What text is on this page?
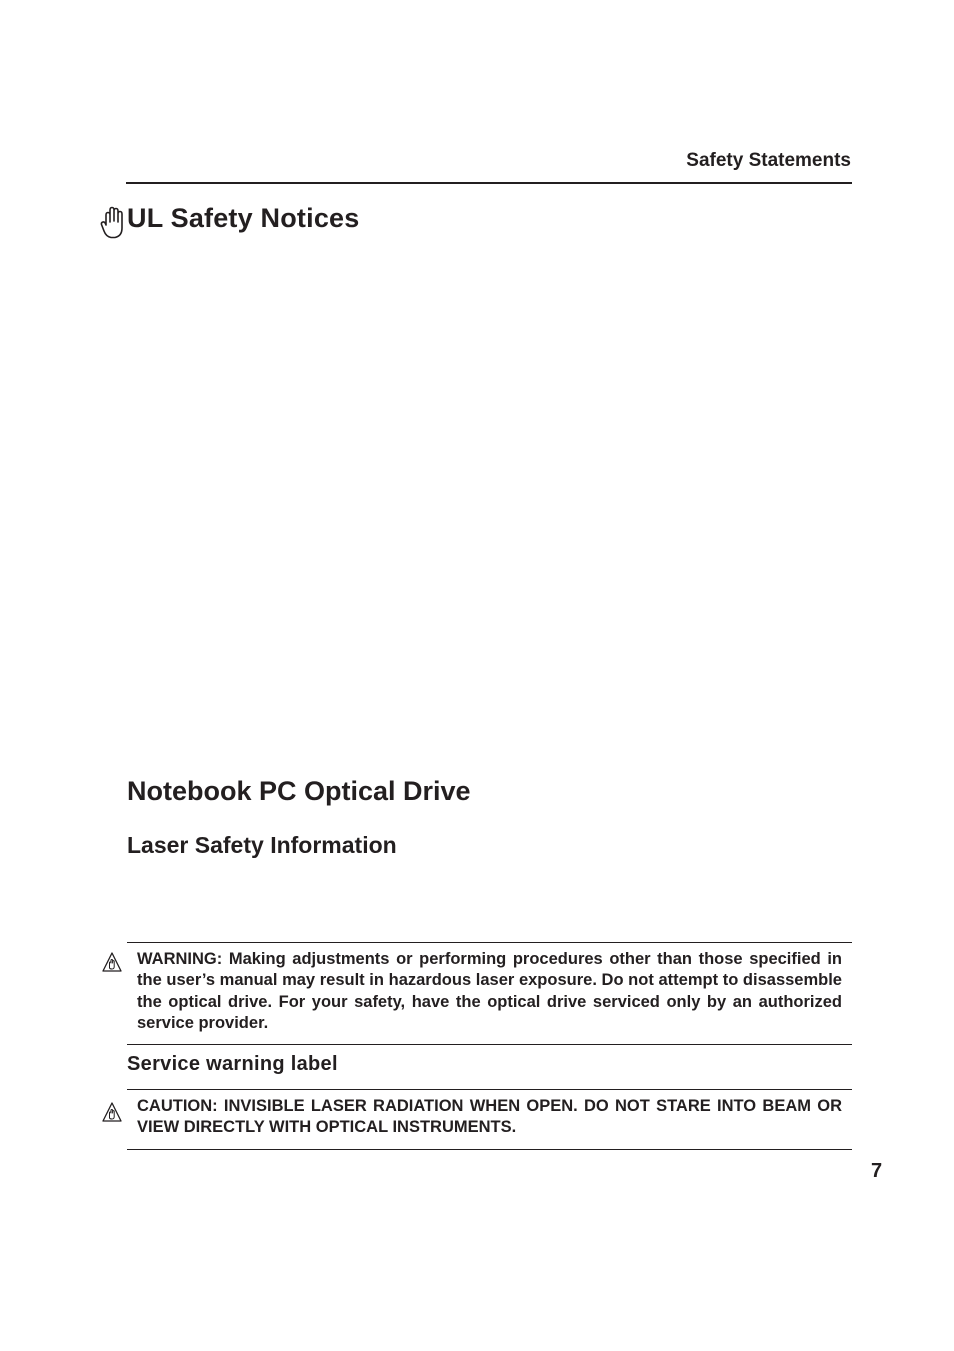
Safety Statements
UL Safety Notices
Notebook PC Optical Drive
Laser Safety Information
WARNING: Making adjustments or performing procedures other than those specified in the user’s manual may result in hazardous laser exposure. Do not attempt to disassemble the optical drive. For your safety, have the optical drive serviced only by an authorized service provider.
Service warning label
CAUTION: INVISIBLE LASER RADIATION WHEN OPEN. DO NOT STARE INTO BEAM OR VIEW DIRECTLY WITH OPTICAL INSTRUMENTS.
7
